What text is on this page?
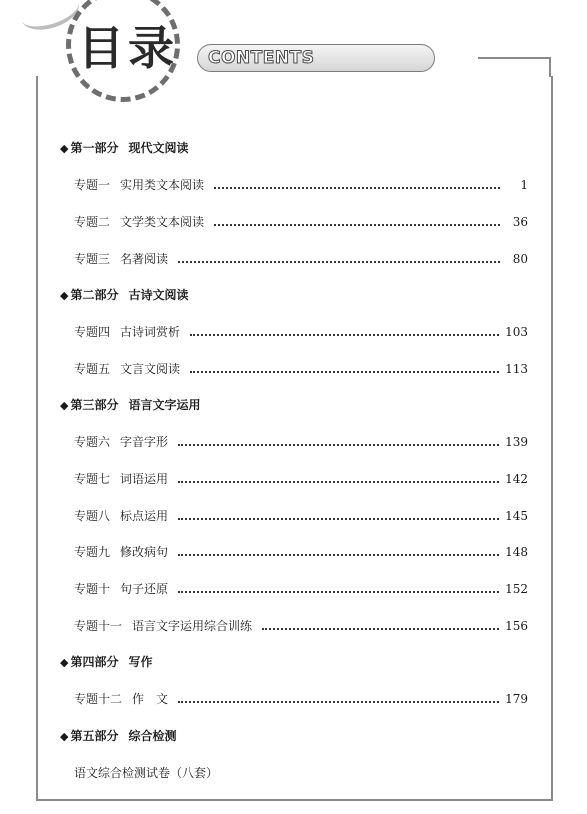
目录 CONTENTS
◆ 第一部分 现代文阅读
专题一 实用类文本阅读	1
专题二 文学类文本阅读	36
专题三 名著阅读	80
◆ 第二部分 古诗文阅读
专题四 古诗词赏析	103
专题五 文言文阅读	113
◆ 第三部分 语言文字运用
专题六 字音字形	139
专题七 词语运用	142
专题八 标点运用	145
专题九 修改病句	148
专题十 句子还原	152
专题十一 语言文字运用综合训练	156
◆ 第四部分 写作
专题十二 作　文	179
◆ 第五部分 综合检测
语文综合检测试卷（八套）
